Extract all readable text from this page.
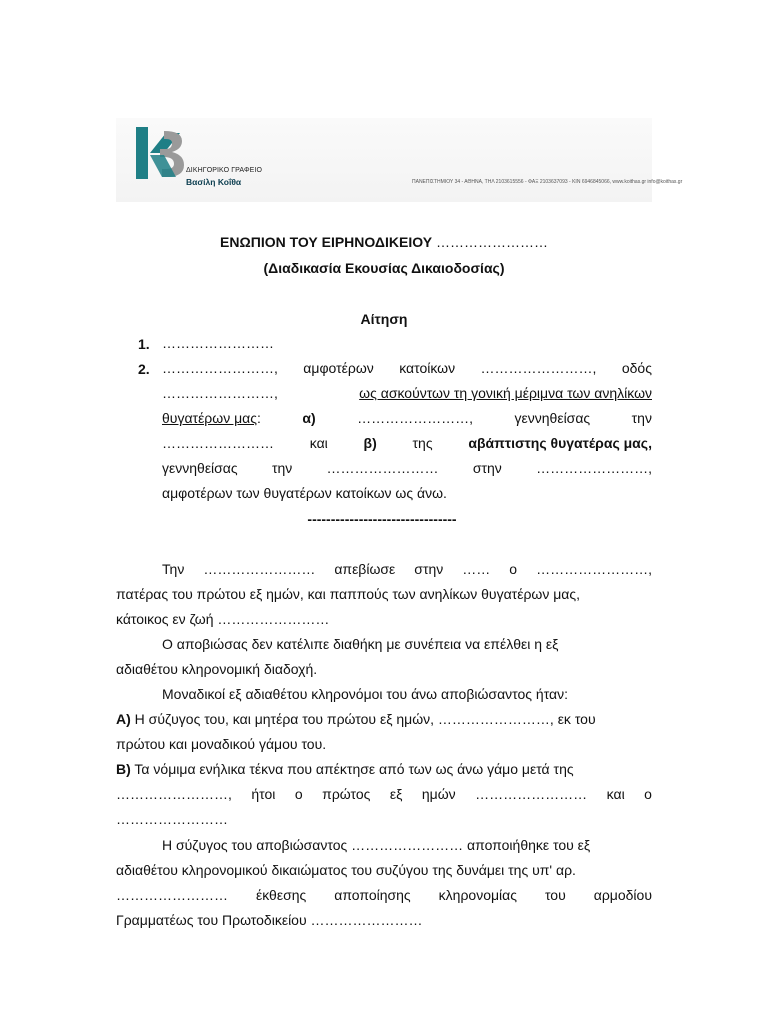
ΔΙΚΗΓΟΡΙΚΟ ΓΡΑΦΕΙΟ
Βασίλη Κοΐθα	ΠΑΝΕΠΙΣΤΗΜΙΟΥ 34 - ΑΘΗΝΑ, ΤΗΛ 2103615556 - ΦΑΞ 2103637093 - ΚΙΝ 6946845066, www.koithas.gr info@koithas.gr
ΕΝΩΠΙΟΝ ΤΟΥ ΕΙΡΗΝΟΔΙΚΕΙΟΥ ……………………
(Διαδικασία Εκουσίας Δικαιοδοσίας)
Αίτηση
1. ……………………
2. ……………………, αμφοτέρων κατοίκων ……………………, οδός
……………………,	ως ασκούντων τη γονική μέριμνα των ανηλίκων
θυγατέρων μας:	α)	……………………,	γεννηθείσας	την
……………………	και	β)	της	αβάπτιστης θυγατέρας μας,
γεννηθείσας την …………………… στην ……………………,
αμφοτέρων των θυγατέρων κατοίκων ως άνω.
--------------------------------
Την …………………… απεβίωσε στην …… ο ……………………,
πατέρας του πρώτου εξ ημών, και παππούς των ανηλίκων θυγατέρων μας,
κάτοικος εν ζωή ……………………
Ο αποβιώσας δεν κατέλιπε διαθήκη με συνέπεια να επέλθει η εξ
αδιαθέτου κληρονομική διαδοχή.
Μοναδικοί εξ αδιαθέτου κληρονόμοι του άνω αποβιώσαντος ήταν:
Α) Η σύζυγος του, και μητέρα του πρώτου εξ ημών, ……………………, εκ του
πρώτου και μοναδικού γάμου του.
Β) Τα νόμιμα ενήλικα τέκνα που απέκτησε από των ως άνω γάμο μετά της
……………………, ήτοι ο πρώτος εξ ημών …………………… και ο
……………………
Η σύζυγος του αποβιώσαντος …………………… αποποιήθηκε του εξ
αδιαθέτου κληρονομικού δικαιώματος του συζύγου της δυνάμει της υπ' αρ.
…………………… έκθεσης αποποίησης κληρονομίας του αρμοδίου
Γραμματέως του Πρωτοδικείου ……………………
